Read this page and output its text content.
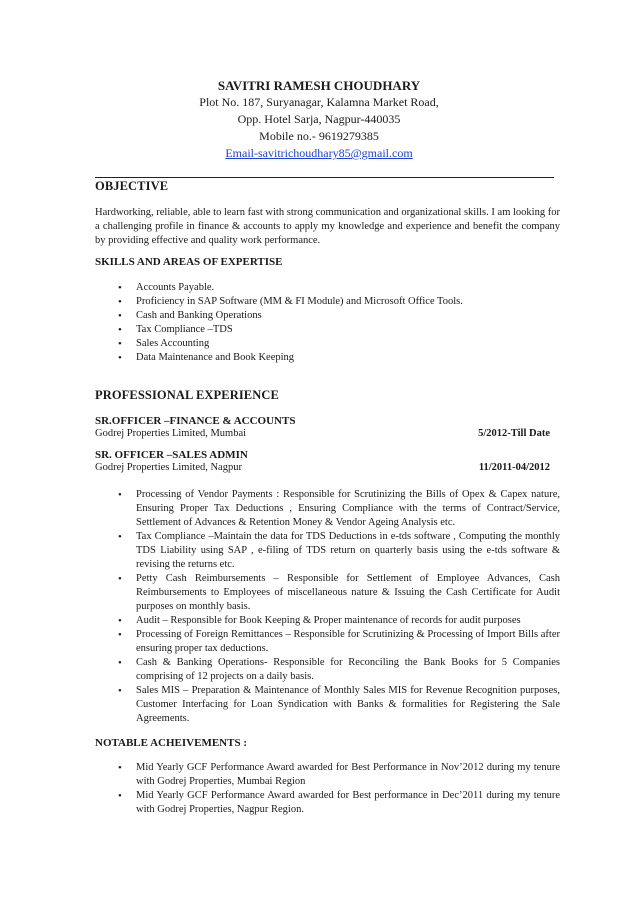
SAVITRI RAMESH CHOUDHARY
Plot No. 187, Suryanagar, Kalamna Market Road,
Opp. Hotel Sarja, Nagpur-440035
Mobile no.- 9619279385
Email-savitrichoudhary85@gmail.com
OBJECTIVE
Hardworking, reliable, able to learn fast with strong communication and organizational skills. I am looking for a challenging profile in finance & accounts to apply my knowledge and experience and benefit the company by providing effective and quality work performance.
SKILLS AND AREAS OF EXPERTISE
• Accounts Payable.
• Proficiency in SAP Software (MM & FI Module) and Microsoft Office Tools.
• Cash and Banking Operations
• Tax Compliance –TDS
• Sales Accounting
• Data Maintenance and Book Keeping
PROFESSIONAL EXPERIENCE
SR.OFFICER –FINANCE & ACCOUNTS
Godrej Properties Limited, Mumbai	5/2012-Till Date
SR. OFFICER –SALES ADMIN
Godrej Properties Limited, Nagpur	11/2011-04/2012
• Processing of Vendor Payments : Responsible for Scrutinizing the Bills of Opex & Capex nature, Ensuring Proper Tax Deductions , Ensuring Compliance with the terms of Contract/Service, Settlement of Advances & Retention Money & Vendor Ageing Analysis etc.
• Tax Compliance –Maintain the data for TDS Deductions in e-tds software , Computing the monthly TDS Liability using SAP , e-filing of TDS return on quarterly basis using the e-tds software & revising the returns etc.
• Petty Cash Reimbursements – Responsible for Settlement of Employee Advances, Cash Reimbursements to Employees of miscellaneous nature & Issuing the Cash Certificate for Audit purposes on monthly basis.
• Audit – Responsible for Book Keeping & Proper maintenance of records for audit purposes
• Processing of Foreign Remittances – Responsible for Scrutinizing & Processing of Import Bills after ensuring proper tax deductions.
• Cash & Banking Operations- Responsible for Reconciling the Bank Books for 5 Companies comprising of 12 projects on a daily basis.
• Sales MIS – Preparation & Maintenance of Monthly Sales MIS for Revenue Recognition purposes, Customer Interfacing for Loan Syndication with Banks & formalities for Registering the Sale Agreements.
NOTABLE ACHEIVEMENTS :
• Mid Yearly GCF Performance Award awarded for Best Performance in Nov’2012 during my tenure with Godrej Properties, Mumbai Region
• Mid Yearly GCF Performance Award awarded for Best performance in Dec’2011 during my tenure with Godrej Properties, Nagpur Region.
